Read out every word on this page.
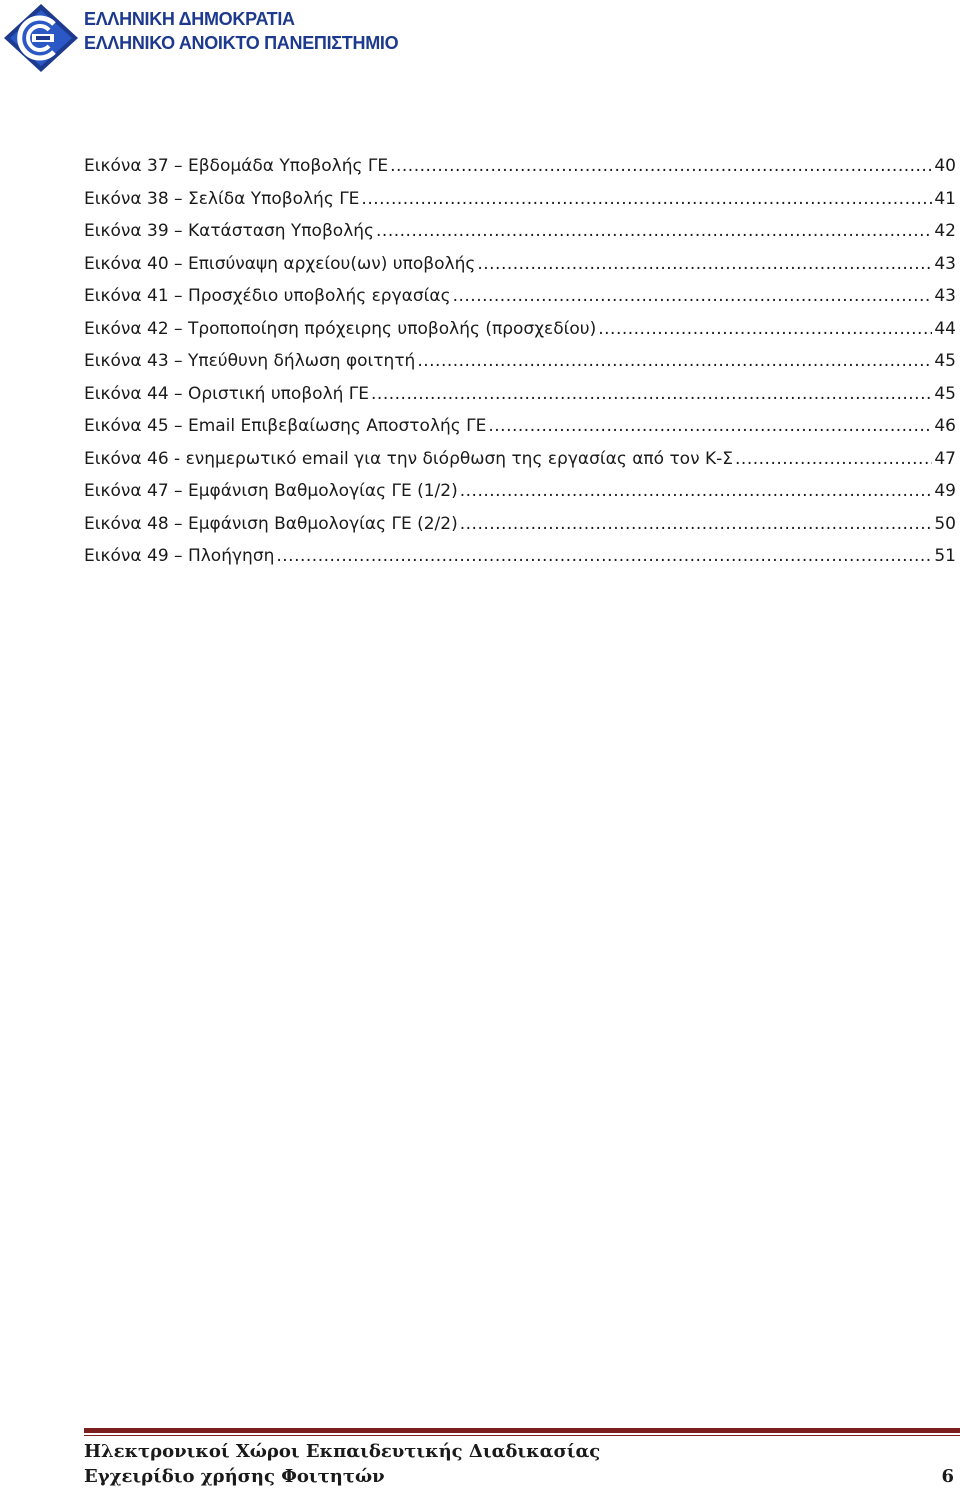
ΕΛΛΗΝΙΚΗ ΔΗΜΟΚΡΑΤΙΑ
ΕΛΛΗΝΙΚΟ ΑΝΟΙΚΤΟ ΠΑΝΕΠΙΣΤΗΜΙΟ
Εικόνα 37 – Εβδομάδα Υποβολής ΓΕ .....	40
Εικόνα 38 – Σελίδα Υποβολής ΓΕ .....	41
Εικόνα 39 – Κατάσταση Υποβολής .....	42
Εικόνα 40 – Επισύναψη αρχείου(ων) υποβολής .....	43
Εικόνα 41 – Προσχέδιο υποβολής εργασίας .....	43
Εικόνα 42 – Τροποποίηση πρόχειρης υποβολής (προσχεδίου) .....	44
Εικόνα 43 – Υπεύθυνη δήλωση φοιτητή .....	45
Εικόνα 44 – Οριστική υποβολή ΓΕ .....	45
Εικόνα 45 – Email Επιβεβαίωσης Αποστολής ΓΕ .....	46
Εικόνα 46 - ενημερωτικό email για την διόρθωση της εργασίας από τον Κ-Σ .....	47
Εικόνα 47 – Εμφάνιση Βαθμολογίας ΓΕ (1/2) .....	49
Εικόνα 48 – Εμφάνιση Βαθμολογίας ΓΕ (2/2) .....	50
Εικόνα 49 – Πλοήγηση .....	51
Ηλεκτρονικοί Χώροι Εκπαιδευτικής Διαδικασίας
Εγχειρίδιο χρήσης Φοιτητών	6
